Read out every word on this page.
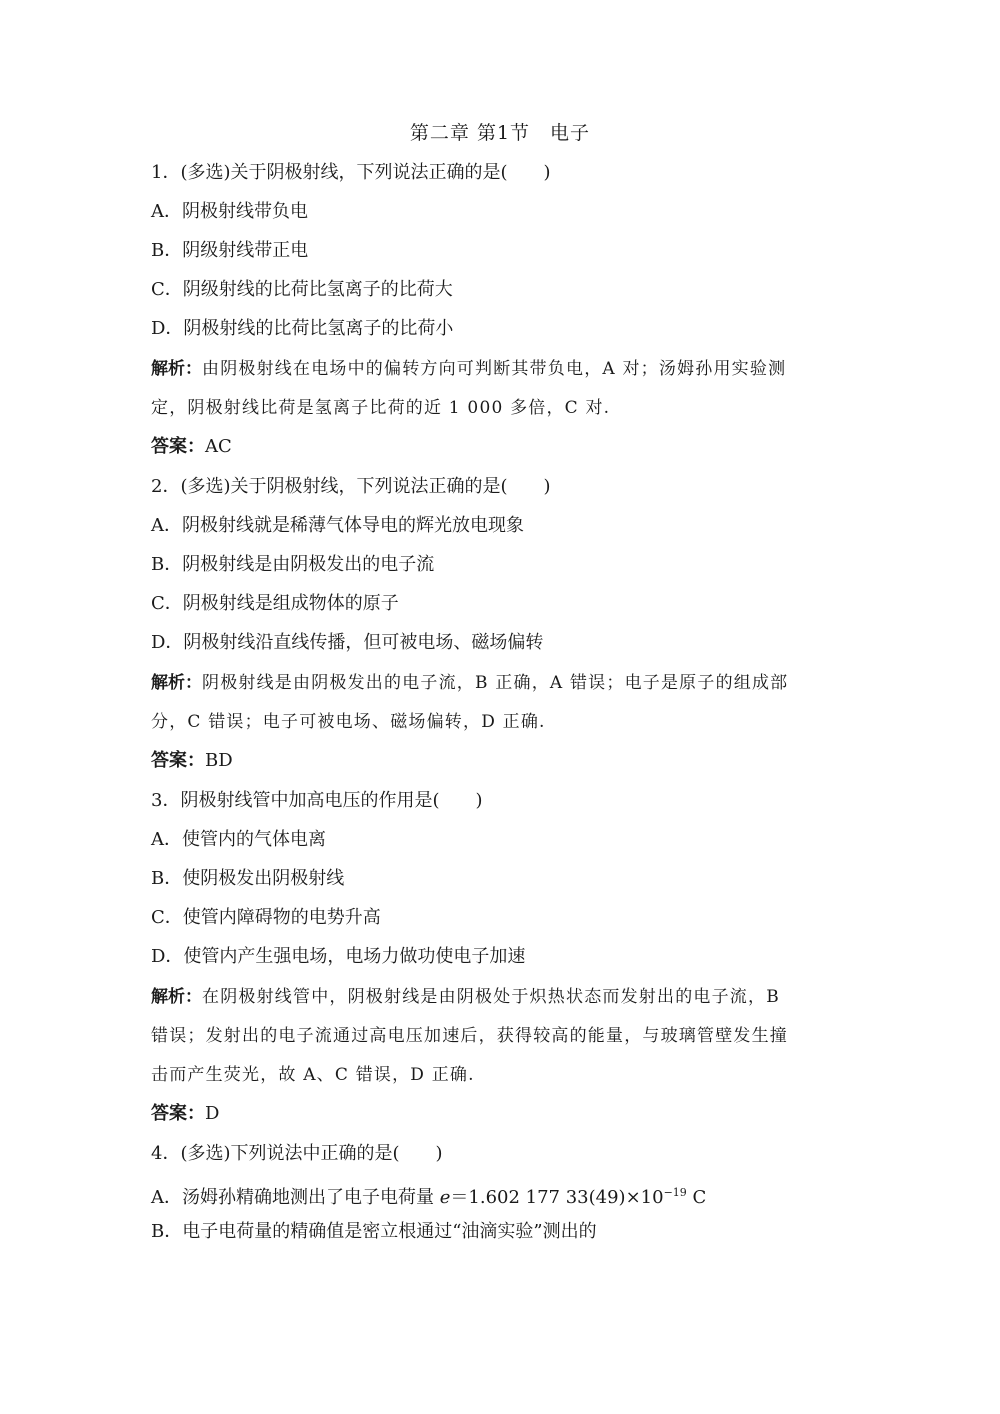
第二章 第1节　电子
1．(多选)关于阴极射线，下列说法正确的是(　　)
A．阴极射线带负电
B．阴级射线带正电
C．阴级射线的比荷比氢离子的比荷大
D．阴极射线的比荷比氢离子的比荷小
解析：由阴极射线在电场中的偏转方向可判断其带负电，A 对；汤姆孙用实验测
定，阴极射线比荷是氢离子比荷的近 1 000 多倍，C 对.
答案：AC
2．(多选)关于阴极射线，下列说法正确的是(　　)
A．阴极射线就是稀薄气体导电的辉光放电现象
B．阴极射线是由阴极发出的电子流
C．阴极射线是组成物体的原子
D．阴极射线沿直线传播，但可被电场、磁场偏转
解析：阴极射线是由阴极发出的电子流，B 正确，A 错误；电子是原子的组成部
分，C 错误；电子可被电场、磁场偏转，D 正确.
答案：BD
3．阴极射线管中加高电压的作用是(　　)
A．使管内的气体电离
B．使阴极发出阴极射线
C．使管内障碍物的电势升高
D．使管内产生强电场，电场力做功使电子加速
解析：在阴极射线管中，阴极射线是由阴极处于炽热状态而发射出的电子流，B
错误；发射出的电子流通过高电压加速后，获得较高的能量，与玻璃管壁发生撞
击而产生荧光，故 A、C 错误，D 正确.
答案：D
4．(多选)下列说法中正确的是(　　)
A．汤姆孙精确地测出了电子电荷量 e＝1.602 177 $33(49)\times 10^{-19}$ C
B．电子电荷量的精确值是密立根通过“油滴实验”测出的
